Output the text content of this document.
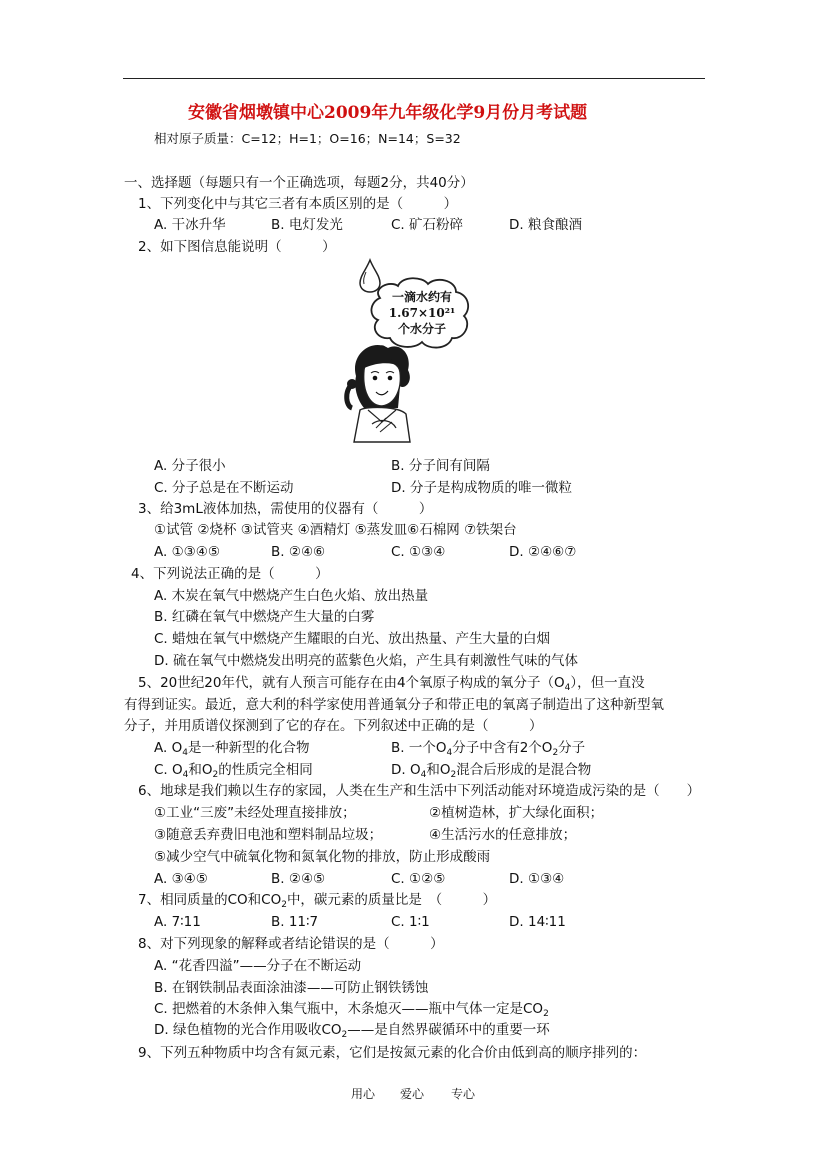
安徽省烟墩镇中心2009年九年级化学9月份月考试题
相对原子质量：C=12；H=1；O=16；N=14；S=32
一、选择题（每题只有一个正确选项，每题2分，共40分）
1、下列变化中与其它三者有本质区别的是（　　　）
A. 干冰升华	B. 电灯发光	C. 矿石粉碎	D. 粮食酿酒
2、如下图信息能说明（　　　）
一滴水约有
1.67×10²¹
个水分子
A. 分子很小	B. 分子间有间隔
C. 分子总是在不断运动	D. 分子是构成物质的唯一微粒
3、给3mL液体加热，需使用的仪器有（　　　）
①试管 ②烧杯 ③试管夹 ④酒精灯 ⑤蒸发皿⑥石棉网 ⑦铁架台
A. ①③④⑤	B. ②④⑥	C. ①③④	D. ②④⑥⑦
4、下列说法正确的是（　　　）
A. 木炭在氧气中燃烧产生白色火焰、放出热量
B. 红磷在氧气中燃烧产生大量的白雾
C. 蜡烛在氧气中燃烧产生耀眼的白光、放出热量、产生大量的白烟
D. 硫在氧气中燃烧发出明亮的蓝紫色火焰，产生具有刺激性气味的气体
5、20世纪20年代，就有人预言可能存在由4个氧原子构成的氧分子$(O_4)$，但一直没
有得到证实。最近，意大利的科学家使用普通氧分子和带正电的氧离子制造出了这种新型氧
分子，并用质谱仪探测到了它的存在。下列叙述中正确的是（　　　）
A. $O_4$是一种新型的化合物	B. 一个$O_4$分子中含有2个$O_2$分子
C. $O_4$和$O_2$的性质完全相同	D. $O_4$和$O_2$混合后形成的是混合物
6、地球是我们赖以生存的家园，人类在生产和生活中下列活动能对环境造成污染的是（　　）
①工业“三废”未经处理直接排放；	②植树造林，扩大绿化面积；
③随意丢弃费旧电池和塑料制品垃圾；	④生活污水的任意排放；
⑤减少空气中硫氧化物和氮氧化物的排放，防止形成酸雨
A. ③④⑤	B. ②④⑤	C. ①②⑤	D. ①③④
7、相同质量的CO和$CO_2$中，碳元素的质量比是　（　　　）
A. 7∶11	B. 11∶7	C. 1∶1	D. 14∶11
8、对下列现象的解释或者结论错误的是（　　　）
A. “花香四溢”——分子在不断运动
B. 在钢铁制品表面涂油漆——可防止钢铁锈蚀
C. 把燃着的木条伸入集气瓶中，木条熄灭——瓶中气体一定是$CO_2$
D. 绿色植物的光合作用吸收$CO_2——$是自然界碳循环中的重要一环
9、下列五种物质中均含有氮元素，它们是按氮元素的化合价由低到高的顺序排列的：
用心 爱心 专心
